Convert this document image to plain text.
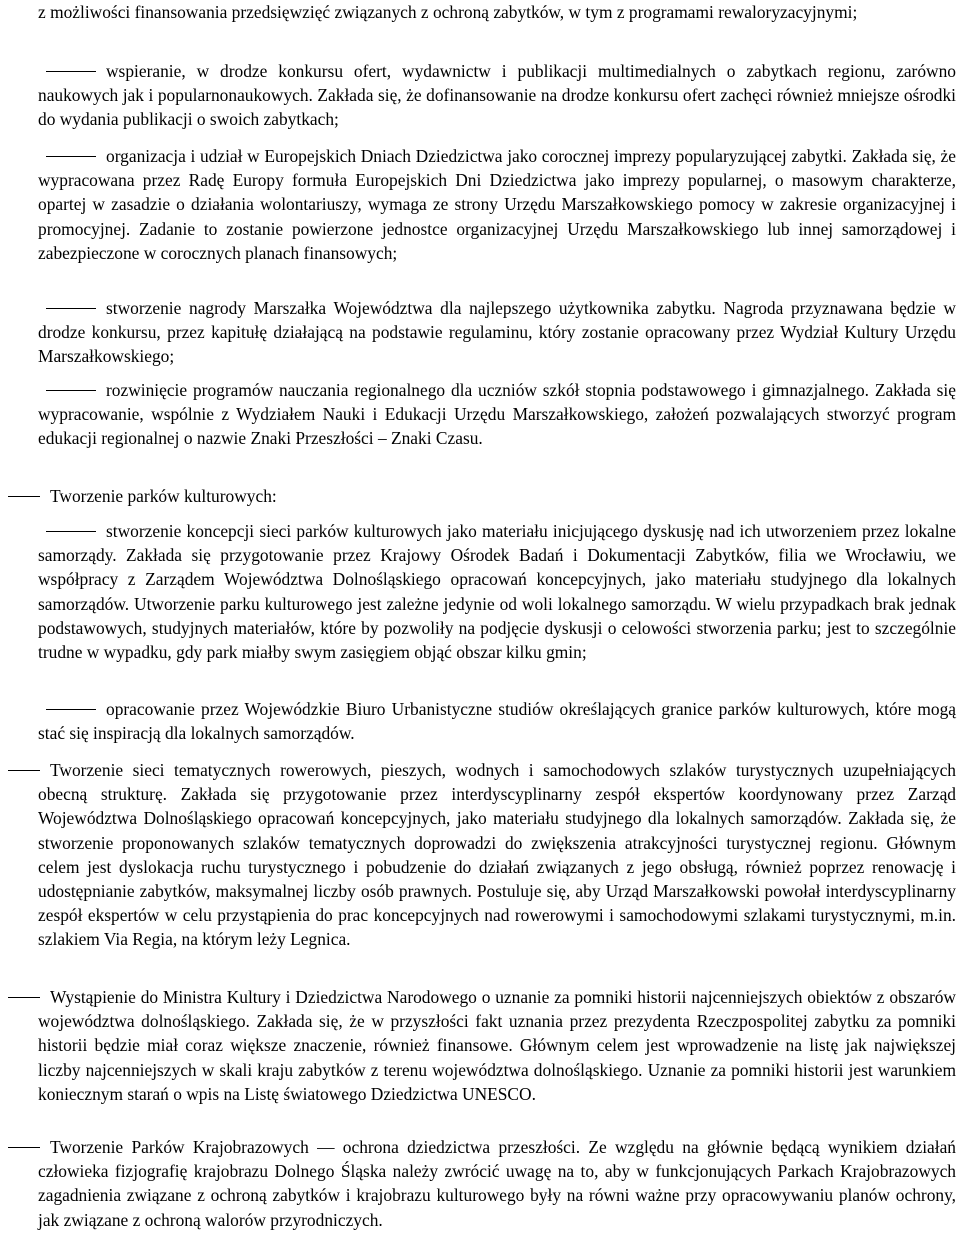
z możliwości finansowania przedsięwzięć związanych z ochroną zabytków, w tym z programami rewaloryzacyjnymi;

wspieranie, w drodze konkursu ofert, wydawnictw i publikacji multimedialnych o zabytkach regionu, zarówno naukowych jak i popularnonaukowych. Zakłada się, że dofinansowanie na drodze konkursu ofert zachęci również mniejsze ośrodki do wydania publikacji o swoich zabytkach;

organizacja i udział w Europejskich Dniach Dziedzictwa jako corocznej imprezy popularyzującej zabytki. Zakłada się, że wypracowana przez Radę Europy formuła Europejskich Dni Dziedzictwa jako imprezy popularnej, o masowym charakterze, opartej w zasadzie o działania wolontariuszy, wymaga ze strony Urzędu Marszałkowskiego pomocy w zakresie organizacyjnej i promocyjnej. Zadanie to zostanie powierzone jednostce organizacyjnej Urzędu Marszałkowskiego lub innej samorządowej i zabezpieczone w corocznych planach finansowych;

stworzenie nagrody Marszałka Województwa dla najlepszego użytkownika zabytku. Nagroda przyznawana będzie w drodze konkursu, przez kapitułę działającą na podstawie regulaminu, który zostanie opracowany przez Wydział Kultury Urzędu Marszałkowskiego;

rozwinięcie programów nauczania regionalnego dla uczniów szkół stopnia podstawowego i gimnazjalnego. Zakłada się wypracowanie, wspólnie z Wydziałem Nauki i Edukacji Urzędu Marszałkowskiego, założeń pozwalających stworzyć program edukacji regionalnej o nazwie Znaki Przeszłości – Znaki Czasu.

Tworzenie parków kulturowych:

stworzenie koncepcji sieci parków kulturowych jako materiału inicjującego dyskusję nad ich utworzeniem przez lokalne samorządy. Zakłada się przygotowanie przez Krajowy Ośrodek Badań i Dokumentacji Zabytków, filia we Wrocławiu, we współpracy z Zarządem Województwa Dolnośląskiego opracowań koncepcyjnych, jako materiału studyjnego dla lokalnych samorządów. Utworzenie parku kulturowego jest zależne jedynie od woli lokalnego samorządu. W wielu przypadkach brak jednak podstawowych, studyjnych materiałów, które by pozwoliły na podjęcie dyskusji o celowości stworzenia parku; jest to szczególnie trudne w wypadku, gdy park miałby swym zasięgiem objąć obszar kilku gmin;

opracowanie przez Wojewódzkie Biuro Urbanistyczne studiów określających granice parków kulturowych, które mogą stać się inspiracją dla lokalnych samorządów.

Tworzenie sieci tematycznych rowerowych, pieszych, wodnych i samochodowych szlaków turystycznych uzupełniających obecną strukturę. Zakłada się przygotowanie przez interdyscyplinarny zespół ekspertów koordynowany przez Zarząd Województwa Dolnośląskiego opracowań koncepcyjnych, jako materiału studyjnego dla lokalnych samorządów. Zakłada się, że stworzenie proponowanych szlaków tematycznych doprowadzi do zwiększenia atrakcyjności turystycznej regionu. Głównym celem jest dyslokacja ruchu turystycznego i pobudzenie do działań związanych z jego obsługą, również poprzez renowację i udostępnianie zabytków, maksymalnej liczby osób prawnych. Postuluje się, aby Urząd Marszałkowski powołał interdyscyplinarny zespół ekspertów w celu przystąpienia do prac koncepcyjnych nad rowerowymi i samochodowymi szlakami turystycznymi, m.in. szlakiem Via Regia, na którym leży Legnica.

Wystąpienie do Ministra Kultury i Dziedzictwa Narodowego o uznanie za pomniki historii najcenniejszych obiektów z obszarów województwa dolnośląskiego. Zakłada się, że w przyszłości fakt uznania przez prezydenta Rzeczpospolitej zabytku za pomniki historii będzie miał coraz większe znaczenie, również finansowe. Głównym celem jest wprowadzenie na listę jak największej liczby najcenniejszych w skali kraju zabytków z terenu województwa dolnośląskiego. Uznanie za pomniki historii jest warunkiem koniecznym starań o wpis na Listę światowego Dziedzictwa UNESCO.

Tworzenie Parków Krajobrazowych — ochrona dziedzictwa przeszłości. Ze względu na głównie będącą wynikiem działań człowieka fizjografię krajobrazu Dolnego Śląska należy zwrócić uwagę na to, aby w funkcjonujących Parkach Krajobrazowych zagadnienia związane z ochroną zabytków i krajobrazu kulturowego były na równi ważne przy opracowywaniu planów ochrony, jak związane z ochroną walorów przyrodniczych.
